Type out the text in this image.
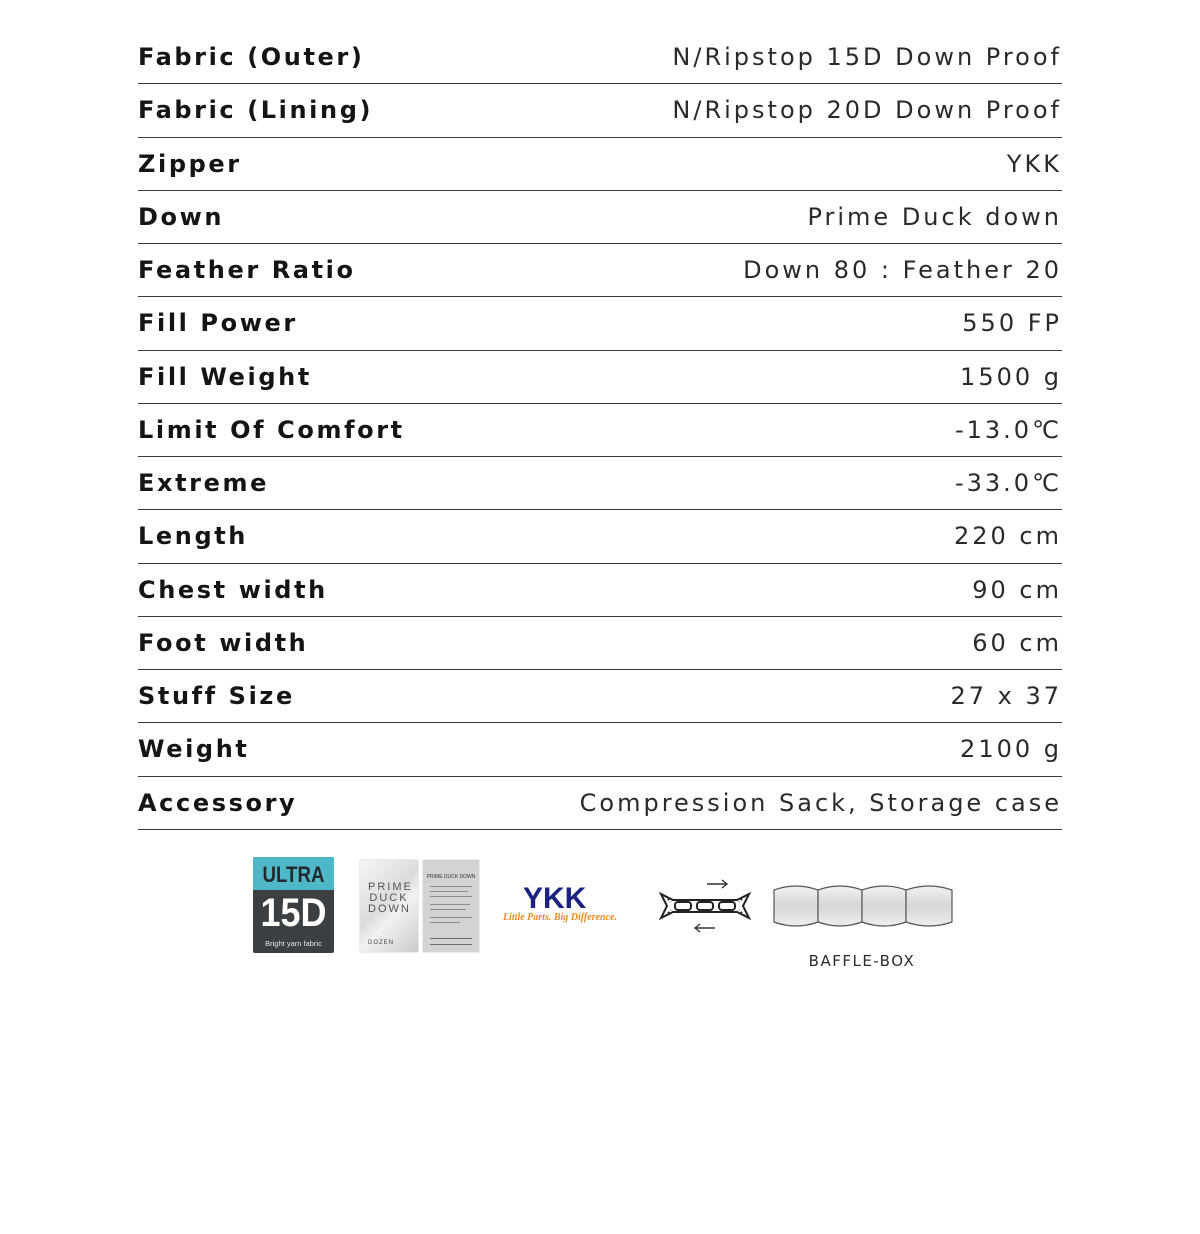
Fabric (Outer)	N/Ripstop 15D Down Proof
Fabric (Lining)	N/Ripstop 20D Down Proof
Zipper	YKK
Down	Prime Duck down
Feather Ratio	Down 80 : Feather 20
Fill Power	550 FP
Fill Weight	1500 g
Limit Of Comfort	-13.0℃
Extreme	-33.0℃
Length	220 cm
Chest width	90 cm
Foot width	60 cm
Stuff Size	27 x 37
Weight	2100 g
Accessory	Compression Sack, Storage case
ULTRA
15D
Bright yarn fabric
PRIME DUCK DOWN
DOZEN
PRIME DUCK DOWN
YKK
Little Parts. Big Difference.
BAFFLE-BOX
